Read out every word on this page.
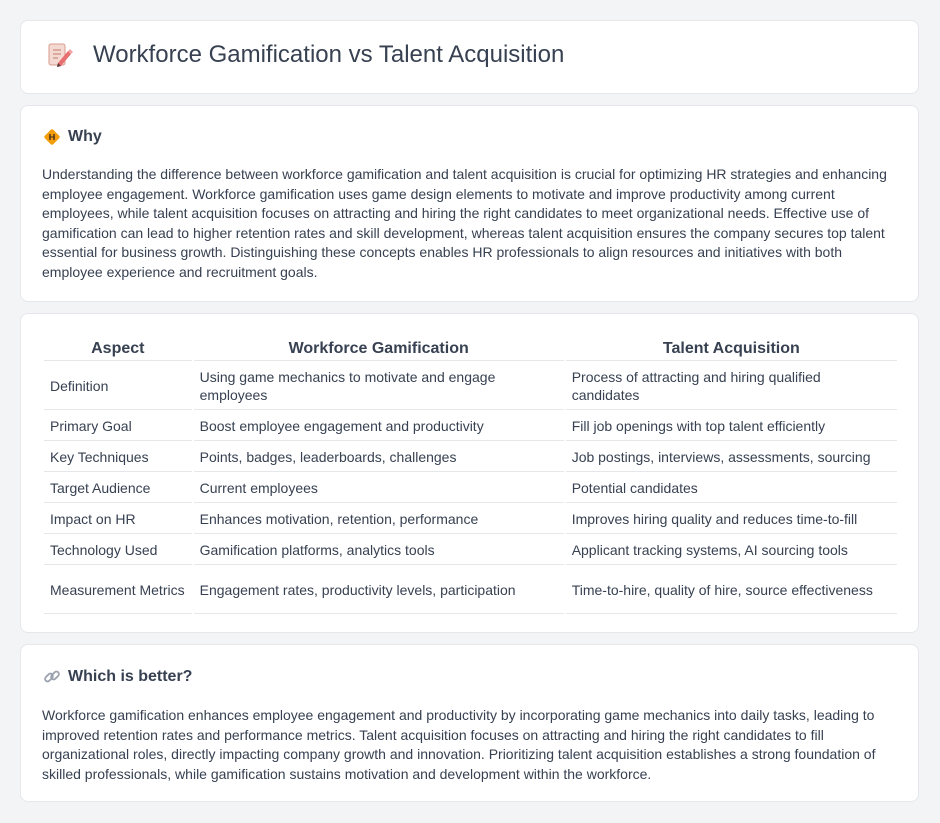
Workforce Gamification vs Talent Acquisition
Why

Understanding the difference between workforce gamification and talent acquisition is crucial for optimizing HR strategies and enhancing employee engagement. Workforce gamification uses game design elements to motivate and improve productivity among current employees, while talent acquisition focuses on attracting and hiring the right candidates to meet organizational needs. Effective use of gamification can lead to higher retention rates and skill development, whereas talent acquisition ensures the company secures top talent essential for business growth. Distinguishing these concepts enables HR professionals to align resources and initiatives with both employee experience and recruitment goals.

Aspect	Workforce Gamification	Talent Acquisition
Definition	Using game mechanics to motivate and engage employees	Process of attracting and hiring qualified candidates
Primary Goal	Boost employee engagement and productivity	Fill job openings with top talent efficiently
Key Techniques	Points, badges, leaderboards, challenges	Job postings, interviews, assessments, sourcing
Target Audience	Current employees	Potential candidates
Impact on HR	Enhances motivation, retention, performance	Improves hiring quality and reduces time-to-fill
Technology Used	Gamification platforms, analytics tools	Applicant tracking systems, AI sourcing tools
Measurement Metrics	Engagement rates, productivity levels, participation	Time-to-hire, quality of hire, source effectiveness
Which is better?

Workforce gamification enhances employee engagement and productivity by incorporating game mechanics into daily tasks, leading to improved retention rates and performance metrics. Talent acquisition focuses on attracting and hiring the right candidates to fill organizational roles, directly impacting company growth and innovation. Prioritizing talent acquisition establishes a strong foundation of skilled professionals, while gamification sustains motivation and development within the workforce.
